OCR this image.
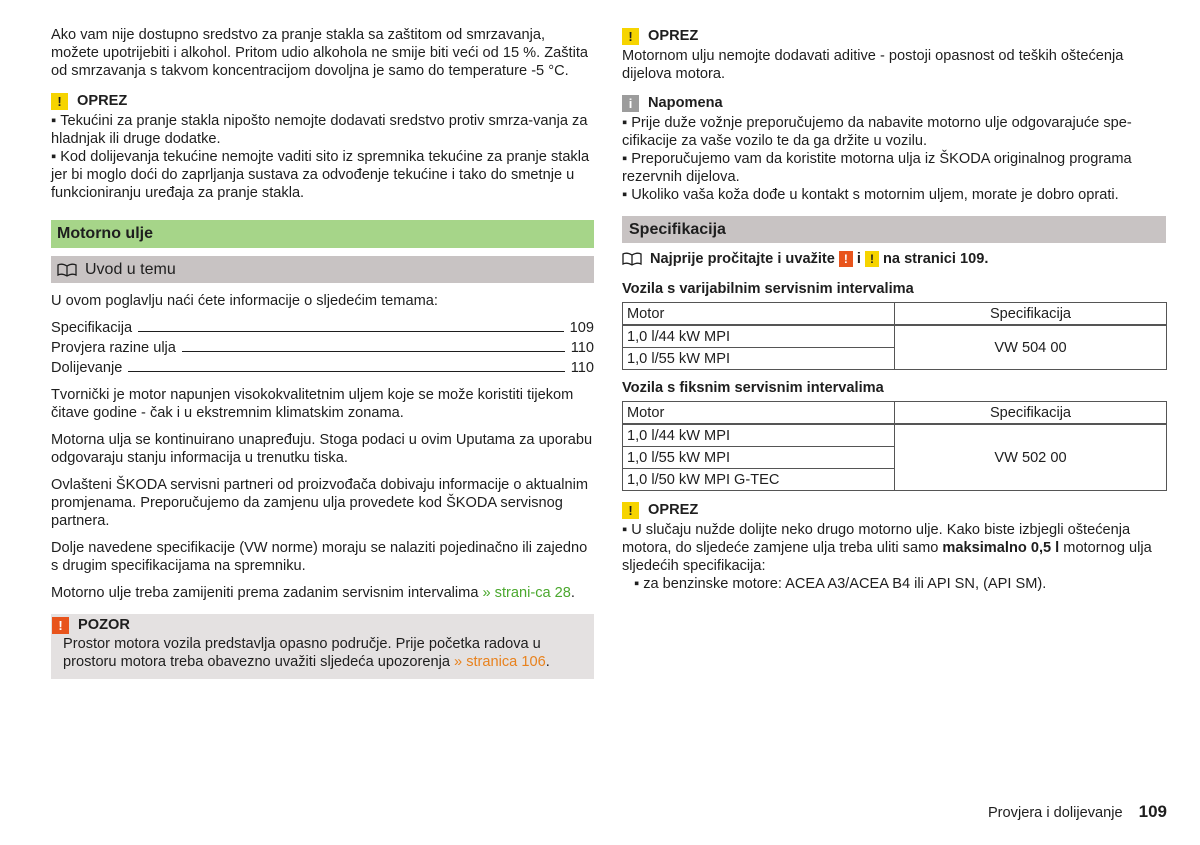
Ako vam nije dostupno sredstvo za pranje stakla sa zaštitom od smrzavanja, možete upotrijebiti i alkohol. Pritom udio alkohola ne smije biti veći od 15 %. Zaštita od smrzavanja s takvom koncentracijom dovoljna je samo do temperature -5 °C.

!	OPREZ

▪ Tekućini za pranje stakla nipošto nemojte dodavati sredstvo protiv smrza-vanja za hladnjak ili druge dodatke.

▪ Kod dolijevanja tekućine nemojte vaditi sito iz spremnika tekućine za pranje stakla jer bi moglo doći do zaprljanja sustava za odvođenje tekućine i tako do smetnje u funkcioniranju uređaja za pranje stakla.

Motorno ulje
Uvod u temu

U ovom poglavlju naći ćete informacije o sljedećim temama:

Specifikacija	109
Provjera razine ulja	110
Dolijevanje	110

Tvornički je motor napunjen visokokvalitetnim uljem koje se može koristiti tijekom čitave godine - čak i u ekstremnim klimatskim zonama.

Motorna ulja se kontinuirano unapređuju. Stoga podaci u ovim Uputama za uporabu odgovaraju stanju informacija u trenutku tiska.

Ovlašteni ŠKODA servisni partneri od proizvođača dobivaju informacije o aktualnim promjenama. Preporučujemo da zamjenu ulja provedete kod ŠKODA servisnog partnera.

Dolje navedene specifikacije (VW norme) moraju se nalaziti pojedinačno ili zajedno s drugim specifikacijama na spremniku.

Motorno ulje treba zamijeniti prema zadanim servisnim intervalima » strani-ca 28.

!	POZOR
Prostor motora vozila predstavlja opasno područje. Prije početka radova u prostoru motora treba obavezno uvažiti sljedeća upozorenja » stranica 106.
!	OPREZ

Motornom ulju nemojte dodavati aditive - postoji opasnost od teških oštećenja dijelova motora.

i	Napomena

▪ Prije duže vožnje preporučujemo da nabavite motorno ulje odgovarajuće spe-cifikacije za vaše vozilo te da ga držite u vozilu.

▪ Preporučujemo vam da koristite motorna ulja iz ŠKODA originalnog programa rezervnih dijelova.

▪ Ukoliko vaša koža dođe u kontakt s motornim uljem, morate je dobro oprati.

Specifikacija
Najprije pročitajte i uvažite ! i ! na stranici 109.
Vozila s varijabilnim servisnim intervalima
Motor	Specifikacija
1,0 l/44 kW MPI	VW 504 00
1,0 l/55 kW MPI	
Vozila s fiksnim servisnim intervalima
Motor	Specifikacija
1,0 l/44 kW MPI	VW 502 00
1,0 l/55 kW MPI	
1,0 l/50 kW MPI G-TEC	
!	OPREZ

▪ U slučaju nužde dolijte neko drugo motorno ulje. Kako biste izbjegli oštećenja motora, do sljedeće zamjene ulja treba uliti samo maksimalno 0,5 l motornog ulja sljedećih specifikacija:

▪ za benzinske motore: ACEA A3/ACEA B4 ili API SN, (API SM).

Provjera i dolijevanje 109
